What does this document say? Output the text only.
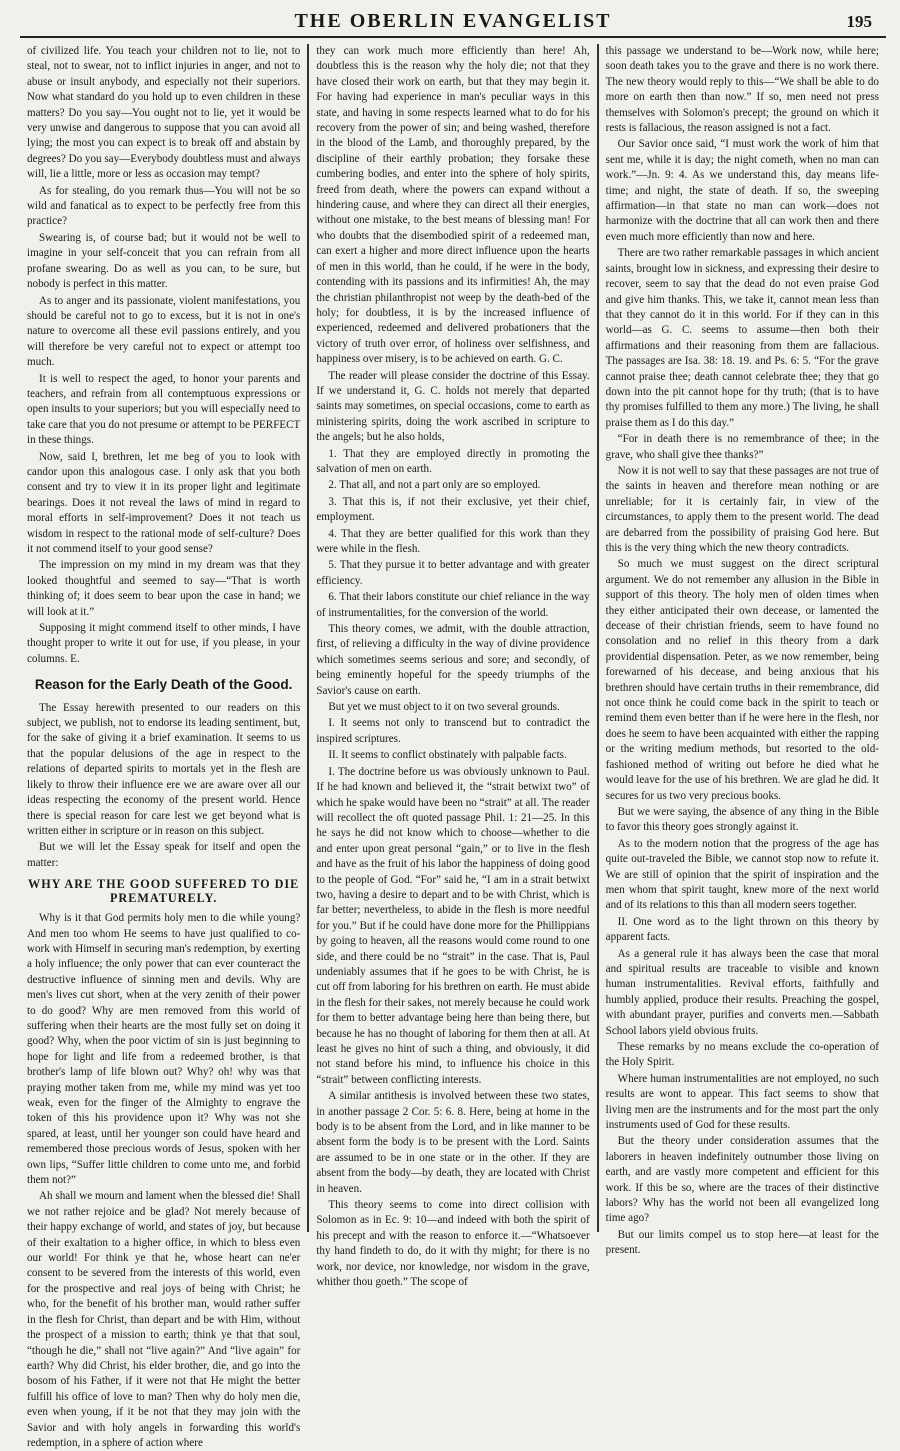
THE OBERLIN EVANGELIST	195

of civilized life. You teach your children not to lie, not to steal, not to swear, not to inflict injuries in anger, and not to abuse or insult anybody, and especially not their superiors. Now what standard do you hold up to even children in these matters? Do you say—You ought not to lie, yet it would be very unwise and dangerous to suppose that you can avoid all lying; the most you can expect is to break off and abstain by degrees? Do you say—Everybody doubtless must and always will, lie a little, more or less as occasion may tempt?

As for stealing, do you remark thus—You will not be so wild and fanatical as to expect to be perfectly free from this practice?

Swearing is, of course bad; but it would not be well to imagine in your self-conceit that you can refrain from all profane swearing. Do as well as you can, to be sure, but nobody is perfect in this matter.

As to anger and its passionate, violent manifestations, you should be careful not to go to excess, but it is not in one's nature to overcome all these evil passions entirely, and you will therefore be very careful not to expect or attempt too much.

It is well to respect the aged, to honor your parents and teachers, and refrain from all contemptuous expressions or open insults to your superiors; but you will especially need to take care that you do not presume or attempt to be PERFECT in these things.

Now, said I, brethren, let me beg of you to look with candor upon this analogous case. I only ask that you both consent and try to view it in its proper light and legitimate bearings. Does it not reveal the laws of mind in regard to moral efforts in self-improvement? Does it not teach us wisdom in respect to the rational mode of self-culture? Does it not commend itself to your good sense?

The impression on my mind in my dream was that they looked thoughtful and seemed to say—“That is worth thinking of; it does seem to bear upon the case in hand; we will look at it.”

Supposing it might commend itself to other minds, I have thought proper to write it out for use, if you please, in your columns. E.

Reason for the Early Death of the Good.

The Essay herewith presented to our readers on this subject, we publish, not to endorse its leading sentiment, but, for the sake of giving it a brief examination. It seems to us that the popular delusions of the age in respect to the relations of departed spirits to mortals yet in the flesh are likely to throw their influence ere we are aware over all our ideas respecting the economy of the present world. Hence there is special reason for care lest we get beyond what is written either in scripture or in reason on this subject.

But we will let the Essay speak for itself and open the matter:

WHY ARE THE GOOD SUFFERED TO DIE PREMATURELY.

Why is it that God permits holy men to die while young? And men too whom He seems to have just qualified to co-work with Himself in securing man's redemption, by exerting a holy influence; the only power that can ever counteract the destructive influence of sinning men and devils. Why are men's lives cut short, when at the very zenith of their power to do good? Why are men removed from this world of suffering when their hearts are the most fully set on doing it good? Why, when the poor victim of sin is just beginning to hope for light and life from a redeemed brother, is that brother's lamp of life blown out? Why? oh! why was that praying mother taken from me, while my mind was yet too weak, even for the finger of the Almighty to engrave the token of this his providence upon it? Why was not she spared, at least, until her younger son could have heard and remembered those precious words of Jesus, spoken with her own lips, “Suffer little children to come unto me, and forbid them not?”

Ah shall we mourn and lament when the blessed die! Shall we not rather rejoice and be glad? Not merely because of their happy exchange of world, and states of joy, but because of their exaltation to a higher office, in which to bless even our world! For think ye that he, whose heart can ne'er consent to be severed from the interests of this world, even for the prospective and real joys of being with Christ; he who, for the benefit of his brother man, would rather suffer in the flesh for Christ, than depart and be with Him, without the prospect of a mission to earth; think ye that that soul, “though he die,” shall not “live again?” And “live again” for earth? Why did Christ, his elder brother, die, and go into the bosom of his Father, if it were not that He might the better fulfill his office of love to man? Then why do holy men die, even when young, if it be not that they may join with the Savior and with holy angels in forwarding this world's redemption, in a sphere of action where

they can work much more efficiently than here! Ah, doubtless this is the reason why the holy die; not that they have closed their work on earth, but that they may begin it. For having had experience in man's peculiar ways in this state, and having in some respects learned what to do for his recovery from the power of sin; and being washed, therefore in the blood of the Lamb, and thoroughly prepared, by the discipline of their earthly probation; they forsake these cumbering bodies, and enter into the sphere of holy spirits, freed from death, where the powers can expand without a hindering cause, and where they can direct all their energies, without one mistake, to the best means of blessing man! For who doubts that the disembodied spirit of a redeemed man, can exert a higher and more direct influence upon the hearts of men in this world, than he could, if he were in the body, contending with its passions and its infirmities! Ah, the may the christian philanthropist not weep by the death-bed of the holy; for doubtless, it is by the increased influence of experienced, redeemed and delivered probationers that the victory of truth over error, of holiness over selfishness, and happiness over misery, is to be achieved on earth. G. C.

The reader will please consider the doctrine of this Essay. If we understand it, G. C. holds not merely that departed saints may sometimes, on special occasions, come to earth as ministering spirits, doing the work ascribed in scripture to the angels; but he also holds,

1. That they are employed directly in promoting the salvation of men on earth.

2. That all, and not a part only are so employed.

3. That this is, if not their exclusive, yet their chief, employment.

4. That they are better qualified for this work than they were while in the flesh.

5. That they pursue it to better advantage and with greater efficiency.

6. That their labors constitute our chief reliance in the way of instrumentalities, for the conversion of the world.

This theory comes, we admit, with the double attraction, first, of relieving a difficulty in the way of divine providence which sometimes seems serious and sore; and secondly, of being eminently hopeful for the speedy triumphs of the Savior's cause on earth.

But yet we must object to it on two several grounds.

I. It seems not only to transcend but to contradict the inspired scriptures.

II. It seems to conflict obstinately with palpable facts.

I. The doctrine before us was obviously unknown to Paul. If he had known and believed it, the “strait betwixt two” of which he spake would have been no “strait” at all. The reader will recollect the oft quoted passage Phil. 1: 21—25. In this he says he did not know which to choose—whether to die and enter upon great personal “gain,” or to live in the flesh and have as the fruit of his labor the happiness of doing good to the people of God. “For” said he, “I am in a strait betwixt two, having a desire to depart and to be with Christ, which is far better; nevertheless, to abide in the flesh is more needful for you.” But if he could have done more for the Phillippians by going to heaven, all the reasons would come round to one side, and there could be no “strait” in the case. That is, Paul undeniably assumes that if he goes to be with Christ, he is cut off from laboring for his brethren on earth. He must abide in the flesh for their sakes, not merely because he could work for them to better advantage being here than being there, but because he has no thought of laboring for them then at all. At least he gives no hint of such a thing, and obviously, it did not stand before his mind, to influence his choice in this “strait” between conflicting interests.

A similar antithesis is involved between these two states, in another passage 2 Cor. 5: 6. 8. Here, being at home in the body is to be absent from the Lord, and in like manner to be absent form the body is to be present with the Lord. Saints are assumed to be in one state or in the other. If they are absent from the body—by death, they are located with Christ in heaven.

This theory seems to come into direct collision with Solomon as in Ec. 9: 10—and indeed with both the spirit of his precept and with the reason to enforce it.—“Whatsoever thy hand findeth to do, do it with thy might; for there is no work, nor device, nor knowledge, nor wisdom in the grave, whither thou goeth.” The scope of

this passage we understand to be—Work now, while here; soon death takes you to the grave and there is no work there. The new theory would reply to this—“We shall be able to do more on earth then than now.” If so, men need not press themselves with Solomon's precept; the ground on which it rests is fallacious, the reason assigned is not a fact.

Our Savior once said, “I must work the work of him that sent me, while it is day; the night cometh, when no man can work.”—Jn. 9: 4. As we understand this, day means life-time; and night, the state of death. If so, the sweeping affirmation—in that state no man can work—does not harmonize with the doctrine that all can work then and there even much more efficiently than now and here.

There are two rather remarkable passages in which ancient saints, brought low in sickness, and expressing their desire to recover, seem to say that the dead do not even praise God and give him thanks. This, we take it, cannot mean less than that they cannot do it in this world. For if they can in this world—as G. C. seems to assume—then both their affirmations and their reasoning from them are fallacious. The passages are Isa. 38: 18. 19. and Ps. 6: 5. “For the grave cannot praise thee; death cannot celebrate thee; they that go down into the pit cannot hope for thy truth; (that is to have thy promises fulfilled to them any more.) The living, he shall praise them as I do this day.”

“For in death there is no remembrance of thee; in the grave, who shall give thee thanks?”

Now it is not well to say that these passages are not true of the saints in heaven and therefore mean nothing or are unreliable; for it is certainly fair, in view of the circumstances, to apply them to the present world. The dead are debarred from the possibility of praising God here. But this is the very thing which the new theory contradicts.

So much we must suggest on the direct scriptural argument. We do not remember any allusion in the Bible in support of this theory. The holy men of olden times when they either anticipated their own decease, or lamented the decease of their christian friends, seem to have found no consolation and no relief in this theory from a dark providential dispensation. Peter, as we now remember, being forewarned of his decease, and being anxious that his brethren should have certain truths in their remembrance, did not once think he could come back in the spirit to teach or remind them even better than if he were here in the flesh, nor does he seem to have been acquainted with either the rapping or the writing medium methods, but resorted to the old-fashioned method of writing out before he died what he would leave for the use of his brethren. We are glad he did. It secures for us two very precious books.

But we were saying, the absence of any thing in the Bible to favor this theory goes strongly against it.

As to the modern notion that the progress of the age has quite out-traveled the Bible, we cannot stop now to refute it. We are still of opinion that the spirit of inspiration and the men whom that spirit taught, knew more of the next world and of its relations to this than all modern seers together.

II. One word as to the light thrown on this theory by apparent facts.

As a general rule it has always been the case that moral and spiritual results are traceable to visible and known human instrumentalities. Revival efforts, faithfully and humbly applied, produce their results. Preaching the gospel, with abundant prayer, purifies and converts men.—Sabbath School labors yield obvious fruits.

These remarks by no means exclude the co-operation of the Holy Spirit.

Where human instrumentalities are not employed, no such results are wont to appear. This fact seems to show that living men are the instruments and for the most part the only instruments used of God for these results.

But the theory under consideration assumes that the laborers in heaven indefinitely outnumber those living on earth, and are vastly more competent and efficient for this work. If this be so, where are the traces of their distinctive labors? Why has the world not been all evangelized long time ago?

But our limits compel us to stop here—at least for the present.
